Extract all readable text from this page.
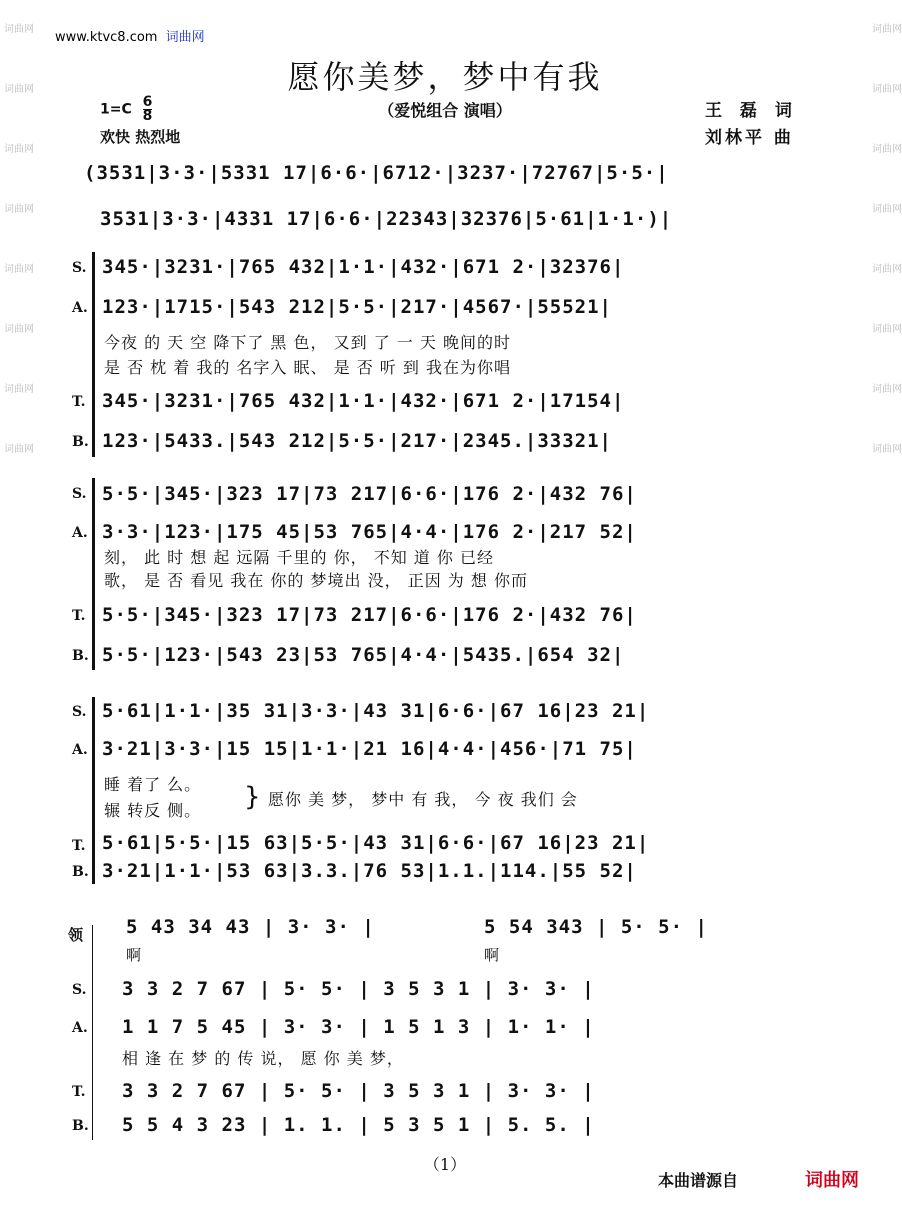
词曲网
词曲网
词曲网
词曲网
词曲网
词曲网
词曲网
词曲网
词曲网
词曲网
词曲网
词曲网
词曲网
词曲网
词曲网
词曲网
www.ktvc8.com 词曲网
愿你美梦，梦中有我
（爱悦组合 演唱）
$1=C \frac{6}{8}$
欢快 热烈地
王 磊 词
刘林平 曲
(3531|3·3·|5331 17|6·6·|6712·|3237·|72767|5·5·|
3531|3·3·|4331 17|6·6·|22343|32376|5·61|1·1·)|
S.
A.
T.
B.
345·|3231·|765 432|1·1·|432·|671 2·|32376|
123·|1715·|543 212|5·5·|217·|4567·|55521|
今夜 的 天 空 降下了 黑 色， 又到 了 一 天 晚间的时
是 否 枕 着 我的 名字入 眠、 是 否 听 到 我在为你唱
345·|3231·|765 432|1·1·|432·|671 2·|17154|
123·|5433.|543 212|5·5·|217·|2345.|33321|
S.
A.
T.
B.
5·5·|345·|323 17|73 217|6·6·|176 2·|432 76|
3·3·|123·|175 45|53 765|4·4·|176 2·|217 52|
刻， 此 时 想 起 远隔 千里的 你， 不知 道 你 已经
歌， 是 否 看见 我在 你的 梦境出 没， 正因 为 想 你而
5·5·|345·|323 17|73 217|6·6·|176 2·|432 76|
5·5·|123·|543 23|53 765|4·4·|5435.|654 32|
S.
A.
T.
B.
5·61|1·1·|35 31|3·3·|43 31|6·6·|67 16|23 21|
3·21|3·3·|15 15|1·1·|21 16|4·4·|456·|71 75|
睡 着了 么。
辗 转反 侧。 } 愿你 美 梦， 梦中 有 我， 今 夜 我们 会
5·61|5·5·|15 63|5·5·|43 31|6·6·|67 16|23 21|
3·21|1·1·|53 63|3.3.|76 53|1.1.|114.|55 52|
领
S.
A.
T.
B.
5 43 34 43 | 3· 3· |	5 54 343 | 5· 5· |
啊	啊
3 3 2 7 67 | 5· 5· | 3 5 3 1 | 3· 3· |
1 1 7 5 45 | 3· 3· | 1 5 1 3 | 1· 1· |
相 逢 在 梦 的 传 说， 愿 你 美 梦，
3 3 2 7 67 | 5· 5· | 3 5 3 1 | 3· 3· |
5 5 4 3 23 | 1. 1. | 5 3 5 1 | 5. 5. |
（1）
本曲谱源自	词曲网
